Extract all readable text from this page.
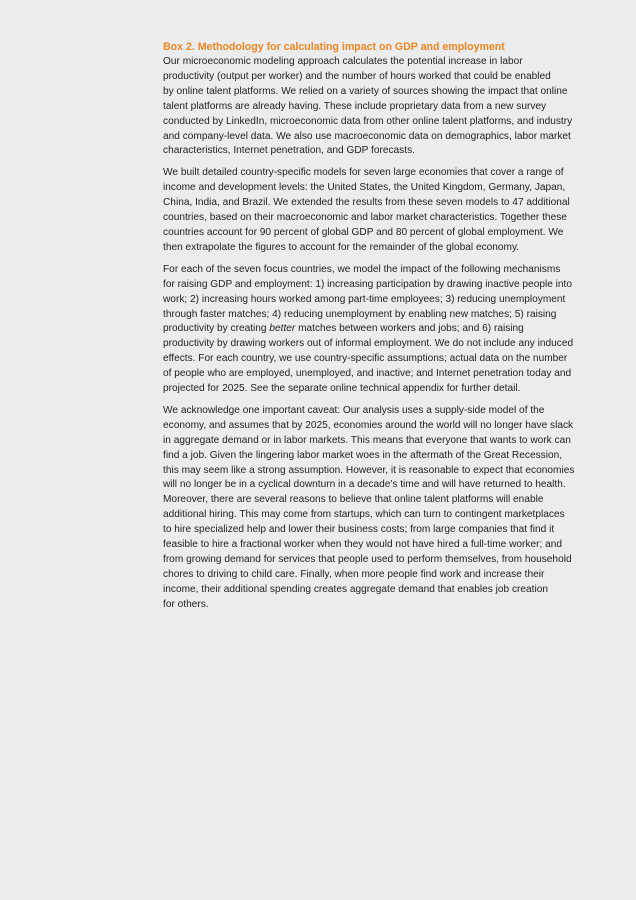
Box 2. Methodology for calculating impact on GDP and employment

Our microeconomic modeling approach calculates the potential increase in labor
productivity (output per worker) and the number of hours worked that could be enabled
by online talent platforms. We relied on a variety of sources showing the impact that online
talent platforms are already having. These include proprietary data from a new survey
conducted by LinkedIn, microeconomic data from other online talent platforms, and industry
and company-level data. We also use macroeconomic data on demographics, labor market
characteristics, Internet penetration, and GDP forecasts.

We built detailed country-specific models for seven large economies that cover a range of
income and development levels: the United States, the United Kingdom, Germany, Japan,
China, India, and Brazil. We extended the results from these seven models to 47 additional
countries, based on their macroeconomic and labor market characteristics. Together these
countries account for 90 percent of global GDP and 80 percent of global employment. We
then extrapolate the figures to account for the remainder of the global economy.

For each of the seven focus countries, we model the impact of the following mechanisms
for raising GDP and employment: 1) increasing participation by drawing inactive people into
work; 2) increasing hours worked among part-time employees; 3) reducing unemployment
through faster matches; 4) reducing unemployment by enabling new matches; 5) raising
productivity by creating better matches between workers and jobs; and 6) raising
productivity by drawing workers out of informal employment. We do not include any induced
effects. For each country, we use country-specific assumptions; actual data on the number
of people who are employed, unemployed, and inactive; and Internet penetration today and
projected for 2025. See the separate online technical appendix for further detail.

We acknowledge one important caveat: Our analysis uses a supply-side model of the
economy, and assumes that by 2025, economies around the world will no longer have slack
in aggregate demand or in labor markets. This means that everyone that wants to work can
find a job. Given the lingering labor market woes in the aftermath of the Great Recession,
this may seem like a strong assumption. However, it is reasonable to expect that economies
will no longer be in a cyclical downturn in a decade's time and will have returned to health.
Moreover, there are several reasons to believe that online talent platforms will enable
additional hiring. This may come from startups, which can turn to contingent marketplaces
to hire specialized help and lower their business costs; from large companies that find it
feasible to hire a fractional worker when they would not have hired a full-time worker; and
from growing demand for services that people used to perform themselves, from household
chores to driving to child care. Finally, when more people find work and increase their
income, their additional spending creates aggregate demand that enables job creation
for others.
